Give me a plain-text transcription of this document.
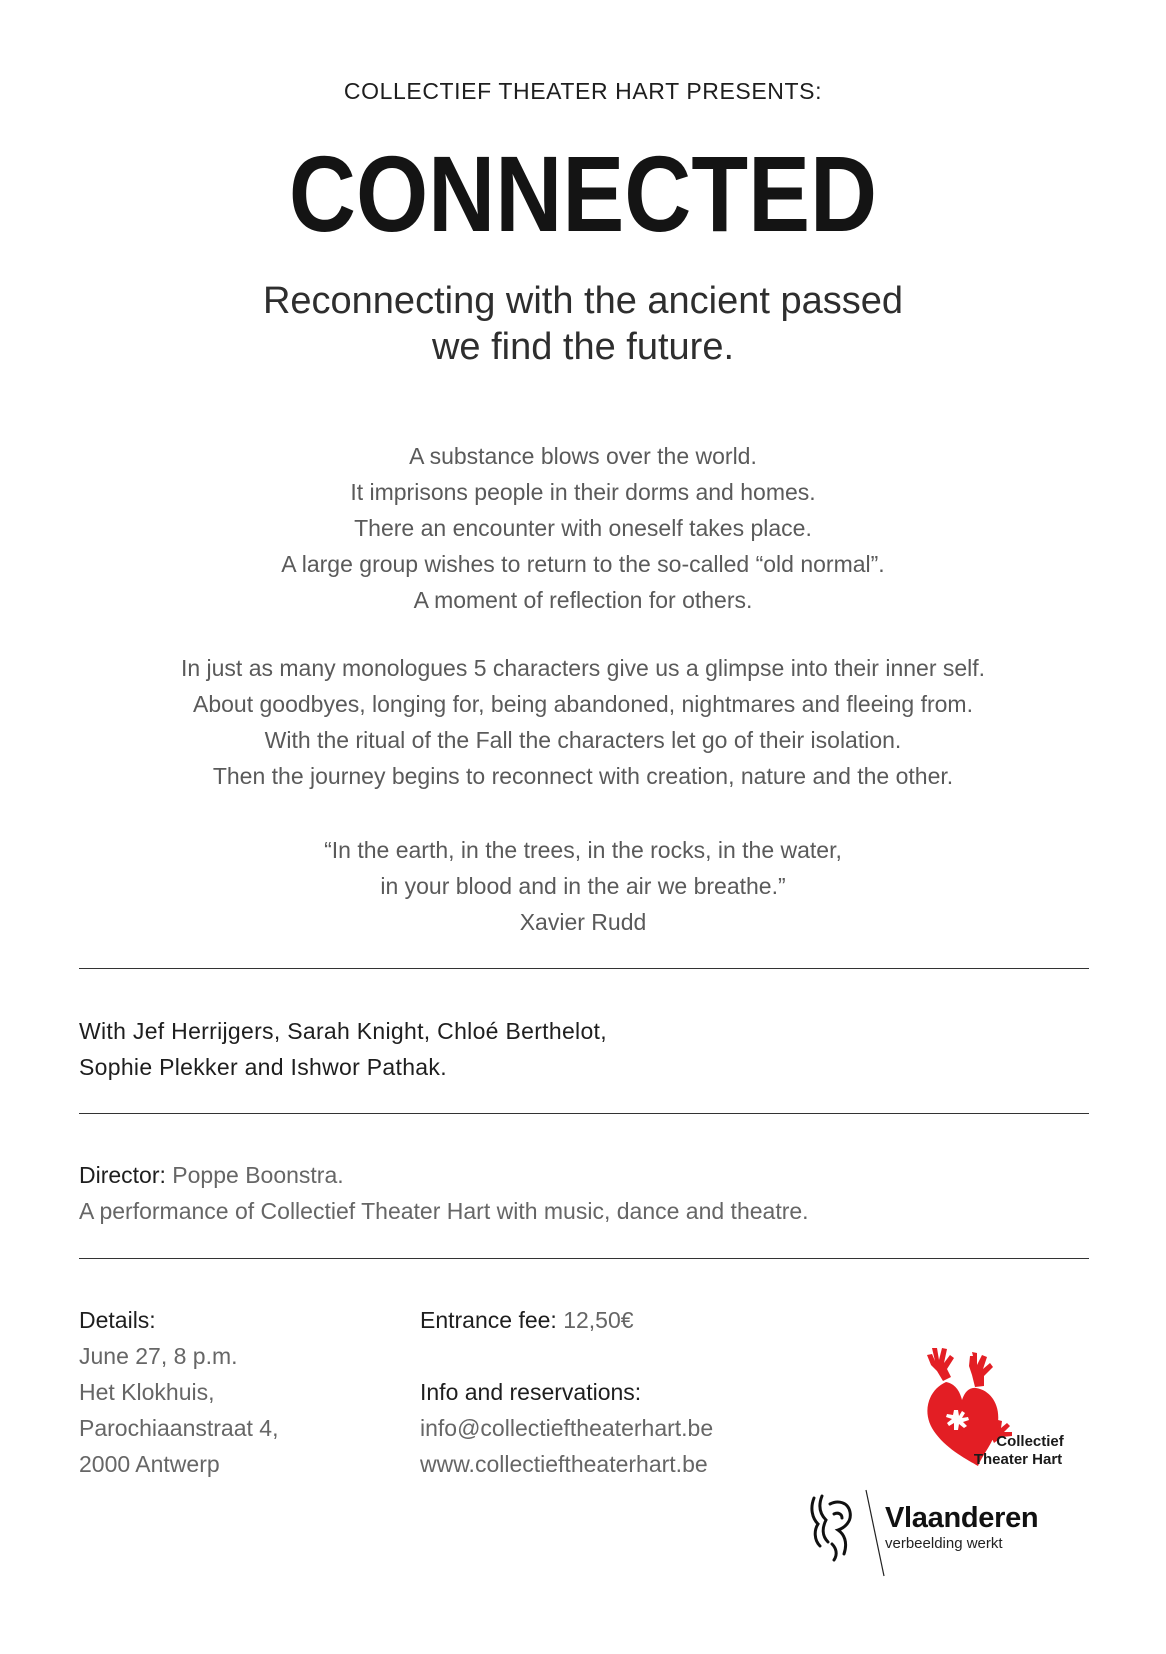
COLLECTIEF THEATER HART PRESENTS:
CONNECTED
Reconnecting with the ancient passed
we find the future.
A substance blows over the world.
It imprisons people in their dorms and homes.
There an encounter with oneself takes place.
A large group wishes to return to the so-called “old normal”.
A moment of reflection for others.
In just as many monologues 5 characters give us a glimpse into their inner self.
About goodbyes, longing for, being abandoned, nightmares and fleeing from.
With the ritual of the Fall the characters let go of their isolation.
Then the journey begins to reconnect with creation, nature and the other.
“In the earth, in the trees, in the rocks, in the water,
in your blood and in the air we breathe.”
Xavier Rudd
With Jef Herrijgers, Sarah Knight, Chloé Berthelot,
Sophie Plekker and Ishwor Pathak.
Director: Poppe Boonstra.
A performance of Collectief Theater Hart with music, dance and theatre.
Details:
June 27, 8 p.m.
Het Klokhuis,
Parochiaanstraat 4,
2000 Antwerp
Entrance fee: 12,50€
Info and reservations:
info@collectieftheaterhart.be
www.collectieftheaterhart.be
Collectief
Theater Hart
Vlaanderen
verbeelding werkt
